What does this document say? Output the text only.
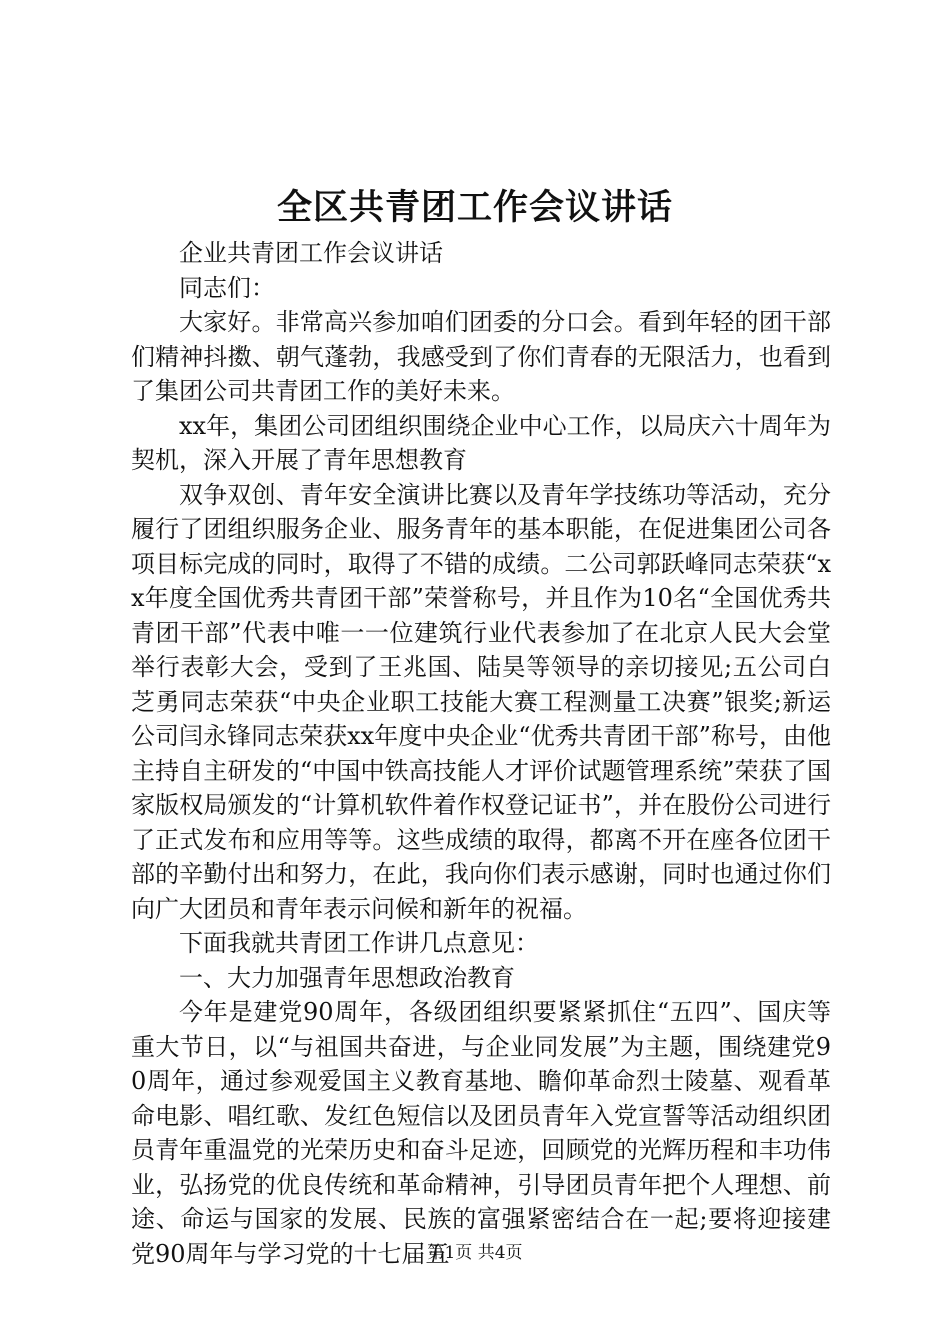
全区共青团工作会议讲话

企业共青团工作会议讲话

同志们：

大家好。非常高兴参加咱们团委的分口会。看到年轻的团干部们精神抖擞、朝气蓬勃，我感受到了你们青春的无限活力，也看到了集团公司共青团工作的美好未来。

xx年，集团公司团组织围绕企业中心工作，以局庆六十周年为契机，深入开展了青年思想教育

双争双创、青年安全演讲比赛以及青年学技练功等活动，充分履行了团组织服务企业、服务青年的基本职能，在促进集团公司各项目标完成的同时，取得了不错的成绩。二公司郭跃峰同志荣获“xx年度全国优秀共青团干部”荣誉称号，并且作为10名“全国优秀共青团干部”代表中唯一一位建筑行业代表参加了在北京人民大会堂举行表彰大会，受到了王兆国、陆昊等领导的亲切接见;五公司白芝勇同志荣获“中央企业职工技能大赛工程测量工决赛”银奖;新运公司闫永锋同志荣获xx年度中央企业“优秀共青团干部”称号，由他主持自主研发的“中国中铁高技能人才评价试题管理系统”荣获了国家版权局颁发的“计算机软件着作权登记证书”，并在股份公司进行了正式发布和应用等等。这些成绩的取得，都离不开在座各位团干部的辛勤付出和努力，在此，我向你们表示感谢，同时也通过你们向广大团员和青年表示问候和新年的祝福。

下面我就共青团工作讲几点意见：

一、大力加强青年思想政治教育

今年是建党90周年，各级团组织要紧紧抓住“五四”、国庆等重大节日，以“与祖国共奋进，与企业同发展”为主题，围绕建党90周年，通过参观爱国主义教育基地、瞻仰革命烈士陵墓、观看革命电影、唱红歌、发红色短信以及团员青年入党宣誓等活动组织团员青年重温党的光荣历史和奋斗足迹，回顾党的光辉历程和丰功伟业，弘扬党的优良传统和革命精神，引导团员青年把个人理想、前途、命运与国家的发展、民族的富强紧密结合在一起;要将迎接建党90周年与学习党的十七届五

第1页 共4页
